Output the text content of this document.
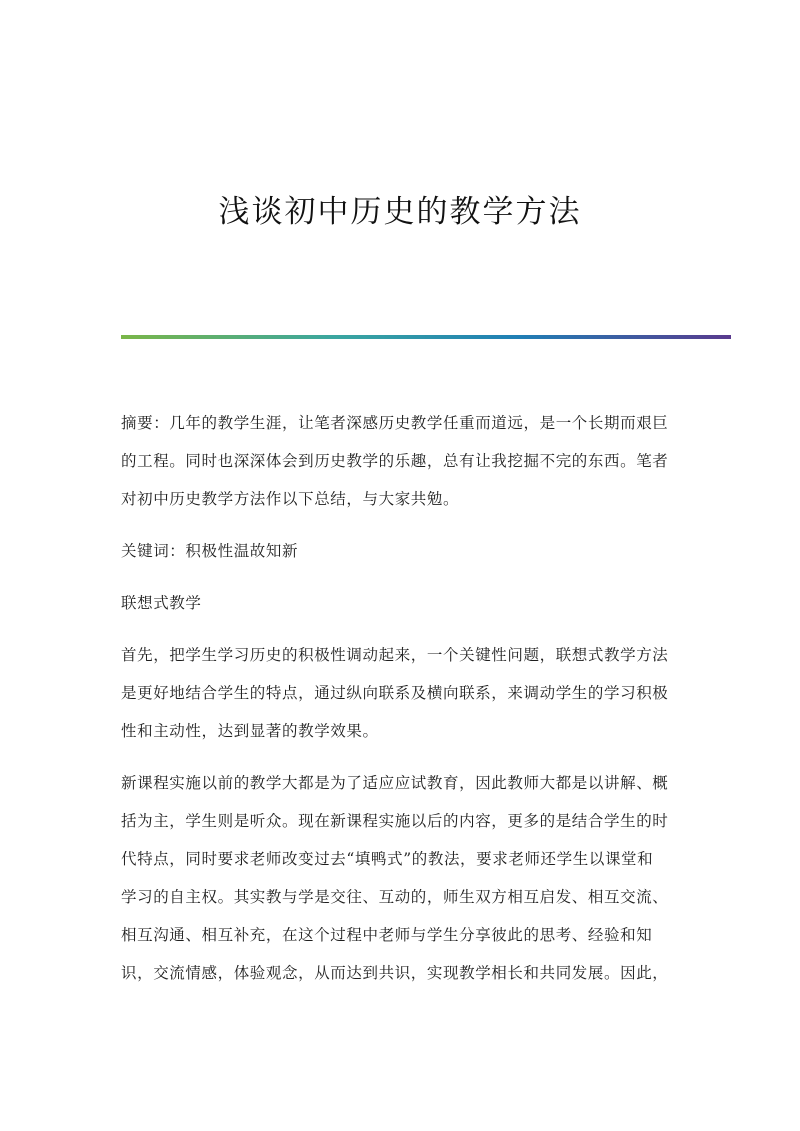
浅谈初中历史的教学方法

摘要：几年的教学生涯，让笔者深感历史教学任重而道远，是一个长期而艰巨
的工程。同时也深深体会到历史教学的乐趣，总有让我挖掘不完的东西。笔者
对初中历史教学方法作以下总结，与大家共勉。

关键词：积极性温故知新

联想式教学

首先，把学生学习历史的积极性调动起来，一个关键性问题，联想式教学方法
是更好地结合学生的特点，通过纵向联系及横向联系，来调动学生的学习积极
性和主动性，达到显著的教学效果。

新课程实施以前的教学大都是为了适应应试教育，因此教师大都是以讲解、概
括为主，学生则是听众。现在新课程实施以后的内容，更多的是结合学生的时
代特点，同时要求老师改变过去“填鸭式”的教法，要求老师还学生以课堂和
学习的自主权。其实教与学是交往、互动的，师生双方相互启发、相互交流、
相互沟通、相互补充，在这个过程中老师与学生分享彼此的思考、经验和知
识，交流情感，体验观念，从而达到共识，实现教学相长和共同发展。因此，
